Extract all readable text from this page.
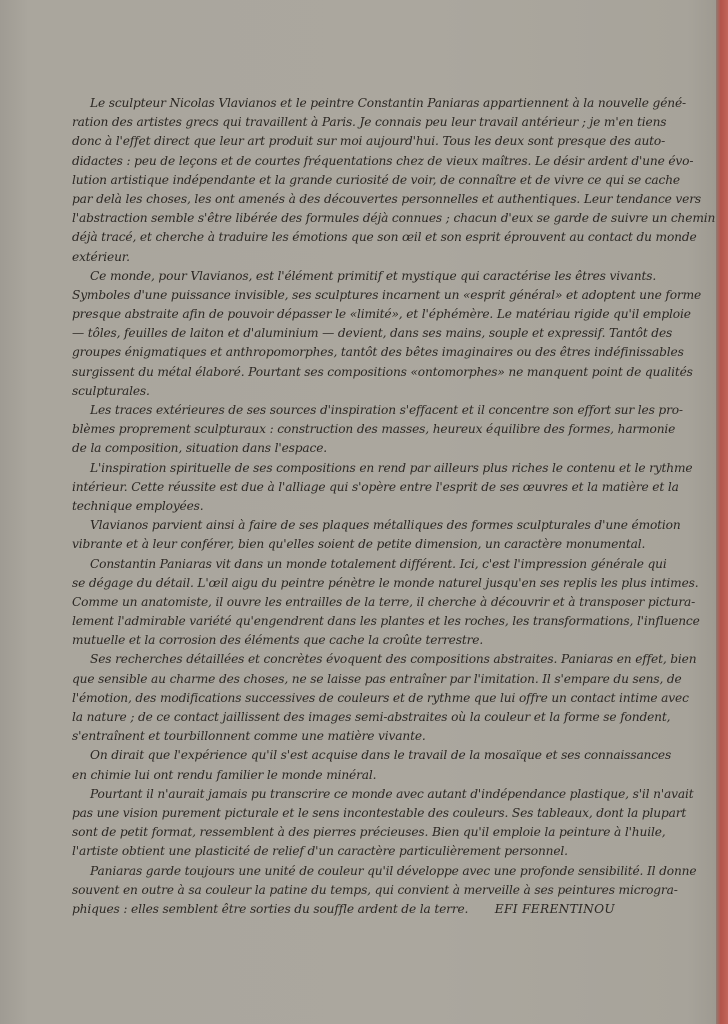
Le sculpteur Nicolas Vlavianos et le peintre Constantin Paniaras appartiennent à la nouvelle géné-
ration des artistes grecs qui travaillent à Paris. Je connais peu leur travail antérieur ; je m'en tiens
donc à l'effet direct que leur art produit sur moi aujourd'hui. Tous les deux sont presque des auto-
didactes : peu de leçons et de courtes fréquentations chez de vieux maîtres. Le désir ardent d'une évo-
lution artistique indépendante et la grande curiosité de voir, de connaître et de vivre ce qui se cache
par delà les choses, les ont amenés à des découvertes personnelles et authentiques. Leur tendance vers
l'abstraction semble s'être libérée des formules déjà connues ; chacun d'eux se garde de suivre un chemin
déjà tracé, et cherche à traduire les émotions que son œil et son esprit éprouvent au contact du monde
extérieur.
Ce monde, pour Vlavianos, est l'élément primitif et mystique qui caractérise les êtres vivants.
Symboles d'une puissance invisible, ses sculptures incarnent un «esprit général» et adoptent une forme
presque abstraite afin de pouvoir dépasser le «limité», et l'éphémère. Le matériau rigide qu'il emploie
— tôles, feuilles de laiton et d'aluminium — devient, dans ses mains, souple et expressif. Tantôt des
groupes énigmatiques et anthropomorphes, tantôt des bêtes imaginaires ou des êtres indéfinissables
surgissent du métal élaboré. Pourtant ses compositions «ontomorphes» ne manquent point de qualités
sculpturales.
Les traces extérieures de ses sources d'inspiration s'effacent et il concentre son effort sur les pro-
blèmes proprement sculpturaux : construction des masses, heureux équilibre des formes, harmonie
de la composition, situation dans l'espace.
L'inspiration spirituelle de ses compositions en rend par ailleurs plus riches le contenu et le rythme
intérieur. Cette réussite est due à l'alliage qui s'opère entre l'esprit de ses œuvres et la matière et la
technique employées.
Vlavianos parvient ainsi à faire de ses plaques métalliques des formes sculpturales d'une émotion
vibrante et à leur conférer, bien qu'elles soient de petite dimension, un caractère monumental.
Constantin Paniaras vit dans un monde totalement différent. Ici, c'est l'impression générale qui
se dégage du détail. L'œil aigu du peintre pénètre le monde naturel jusqu'en ses replis les plus intimes.
Comme un anatomiste, il ouvre les entrailles de la terre, il cherche à découvrir et à transposer pictura-
lement l'admirable variété qu'engendrent dans les plantes et les roches, les transformations, l'influence
mutuelle et la corrosion des éléments que cache la croûte terrestre.
Ses recherches détaillées et concrètes évoquent des compositions abstraites. Paniaras en effet, bien
que sensible au charme des choses, ne se laisse pas entraîner par l'imitation. Il s'empare du sens, de
l'émotion, des modifications successives de couleurs et de rythme que lui offre un contact intime avec
la nature ; de ce contact jaillissent des images semi-abstraites où la couleur et la forme se fondent,
s'entraînent et tourbillonnent comme une matière vivante.
On dirait que l'expérience qu'il s'est acquise dans le travail de la mosaïque et ses connaissances
en chimie lui ont rendu familier le monde minéral.
Pourtant il n'aurait jamais pu transcrire ce monde avec autant d'indépendance plastique, s'il n'avait
pas une vision purement picturale et le sens incontestable des couleurs. Ses tableaux, dont la plupart
sont de petit format, ressemblent à des pierres précieuses. Bien qu'il emploie la peinture à l'huile,
l'artiste obtient une plasticité de relief d'un caractère particulièrement personnel.
Paniaras garde toujours une unité de couleur qu'il développe avec une profonde sensibilité. Il donne
souvent en outre à sa couleur la patine du temps, qui convient à merveille à ses peintures microgra-
phiques : elles semblent être sorties du souffle ardent de la terre. EFI FERENTINOU
